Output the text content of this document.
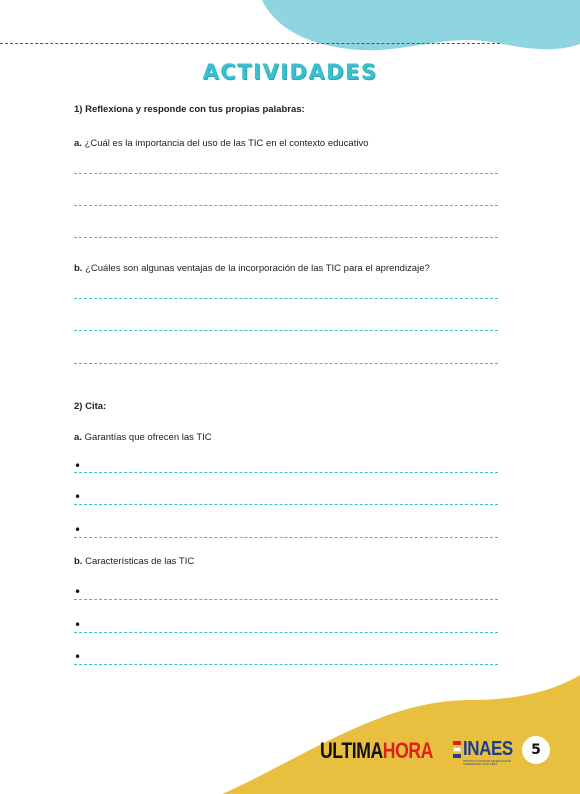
ACTIVIDADES
1) Reflexiona y responde con tus propias palabras:
a. ¿Cuál es la importancia del uso de las TIC en el contexto educativo
b. ¿Cuáles son algunas ventajas de la incorporación de las TIC para el aprendizaje?
2) Cita:
a. Garantías que ofrecen las TIC
•
•
•
b. Características de las TIC
•
•
•
ULTIMAHORA INAES
INSTITUTO NACIONAL DE EDUCACIÓN SUPERIOR DR. RAÚL PEÑA
5
